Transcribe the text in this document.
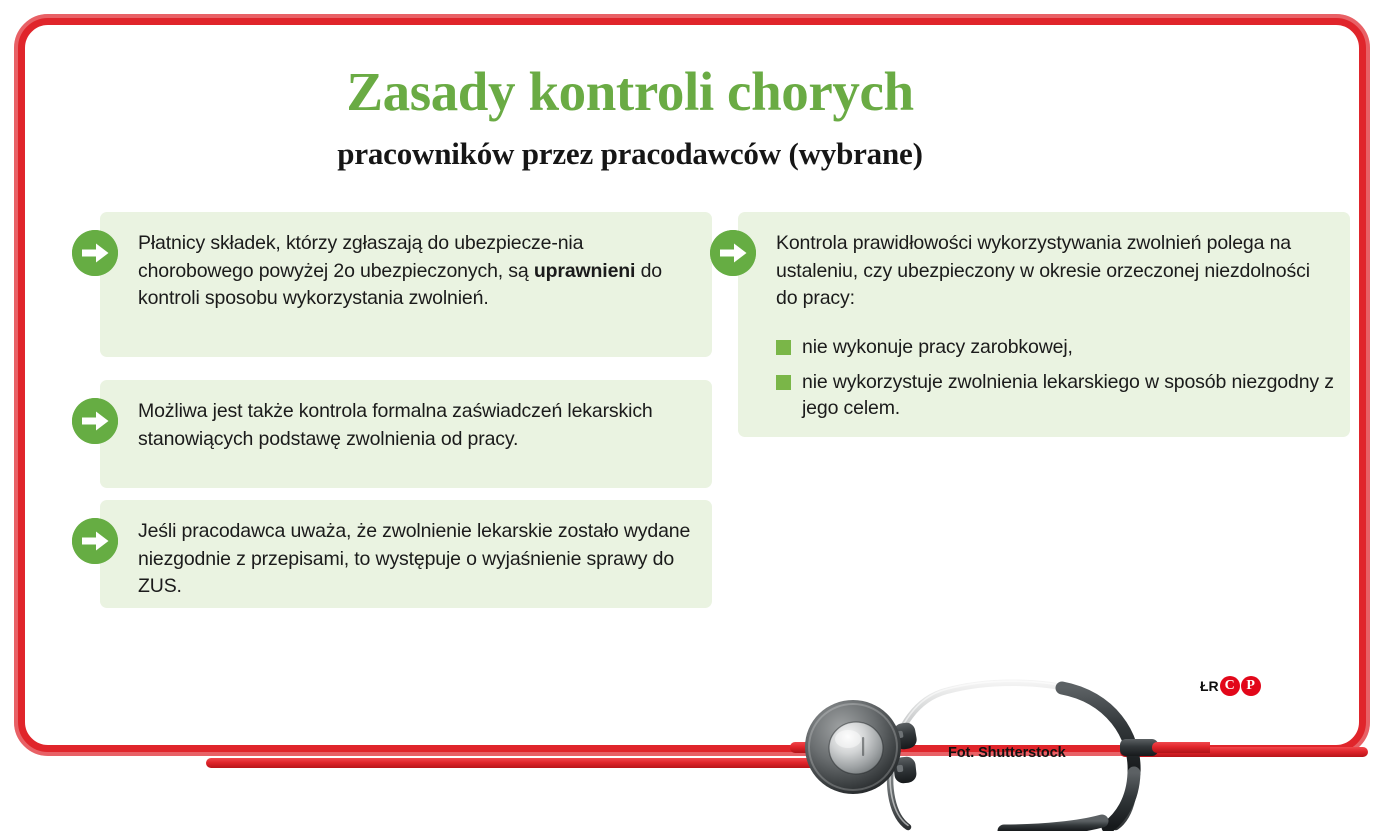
Zasady kontroli chorych
pracowników przez pracodawców (wybrane)
Płatnicy składek, którzy zgłaszają do ubezpiecze-nia chorobowego powyżej 2o ubezpieczonych, są uprawnieni do kontroli sposobu wykorzystania zwolnień.
Możliwa jest także kontrola formalna zaświadczeń lekarskich stanowiących podstawę zwolnienia od pracy.
Jeśli pracodawca uważa, że zwolnienie lekarskie zostało wydane niezgodnie z przepisami, to występuje o wyjaśnienie sprawy do ZUS.
Kontrola prawidłowości wykorzystywania zwolnień polega na ustaleniu, czy ubezpieczony w okresie orzeczonej niezdolności do pracy:
nie wykonuje pracy zarobkowej,
nie wykorzystuje zwolnienia lekarskiego w sposób niezgodny z jego celem.
ŁR C P
Fot. Shutterstock
